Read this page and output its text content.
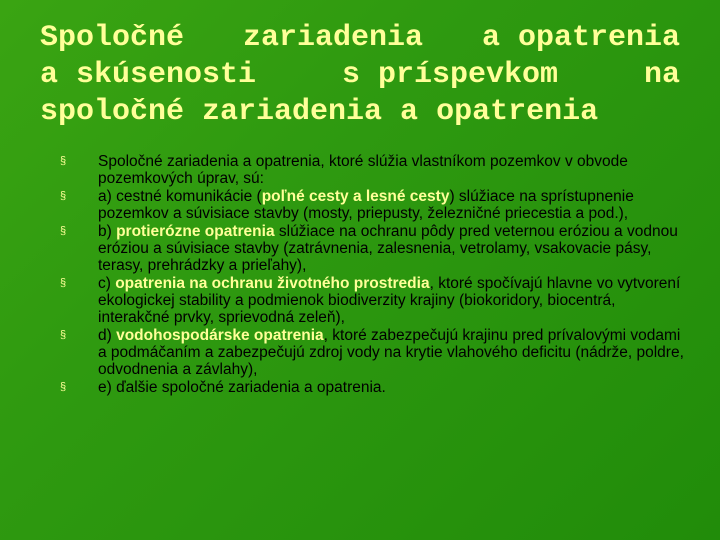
Spoločné zariadenia a opatrenia
a skúsenosti	s príspevkom	na
spoločné zariadenia a opatrenia
§ Spoločné zariadenia a opatrenia, ktoré slúžia vlastníkom pozemkov v obvode pozemkových úprav, sú:
§ a) cestné komunikácie (poľné cesty a lesné cesty) slúžiace na sprístupnenie pozemkov a súvisiace stavby (mosty, priepusty, železničné priecestia a pod.),
§ b) protierózne opatrenia slúžiace na ochranu pôdy pred veternou eróziou a vodnou eróziou a súvisiace stavby (zatrávnenia, zalesnenia, vetrolamy, vsakovacie pásy, terasy, prehrádzky a prieľahy),
§ c) opatrenia na ochranu životného prostredia, ktoré spočívajú hlavne vo vytvorení ekologickej stability a podmienok biodiverzity krajiny (biokoridory, biocentrá, interakčné prvky, sprievodná zeleň),
§ d) vodohospodárske opatrenia, ktoré zabezpečujú krajinu pred prívalovými vodami a podmáčaním a zabezpečujú zdroj vody na krytie vlahového deficitu (nádrže, poldre, odvodnenia a závlahy),
§ e) ďalšie spoločné zariadenia a opatrenia.
